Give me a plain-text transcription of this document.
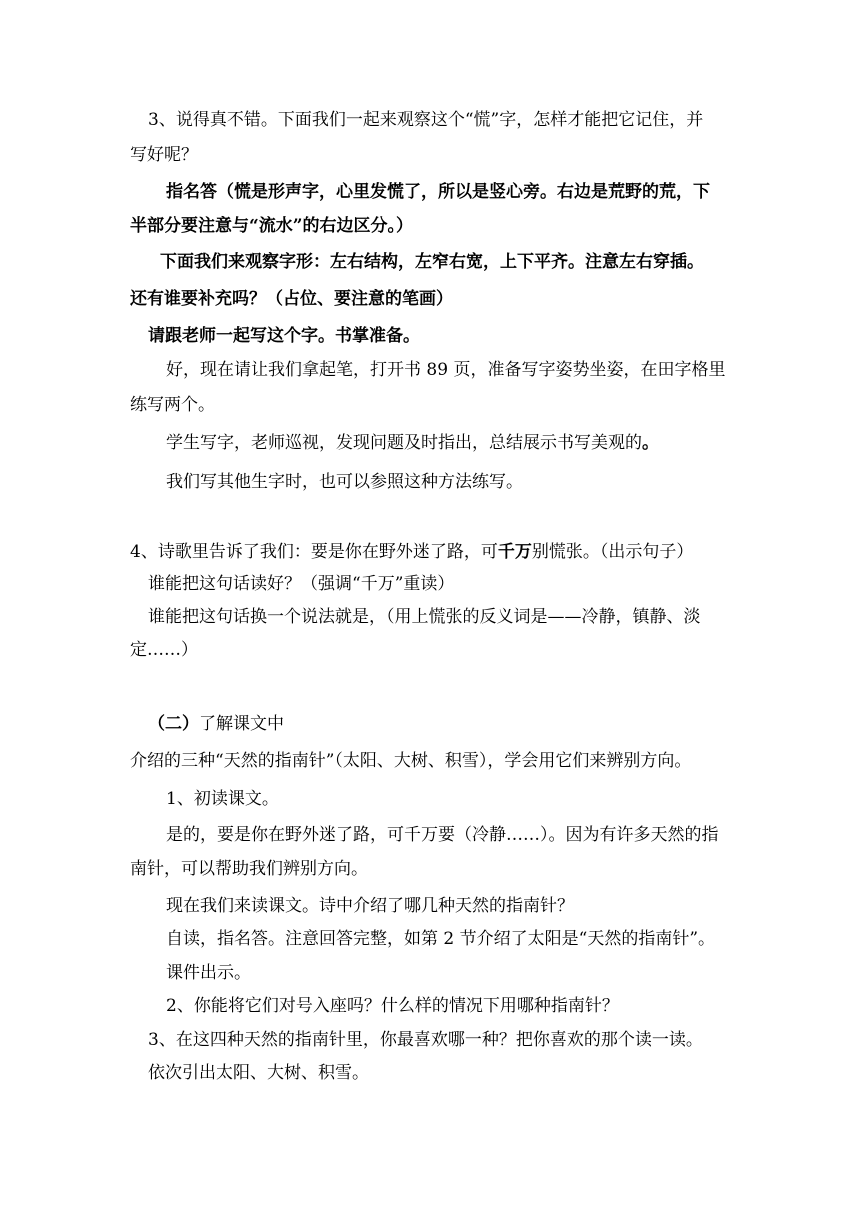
3、说得真不错。下面我们一起来观察这个“慌”字，怎样才能把它记住，并
写好呢？
指名答（慌是形声字，心里发慌了，所以是竖心旁。右边是荒野的荒，下
半部分要注意与“流水”的右边区分。）
下面我们来观察字形：左右结构，左窄右宽，上下平齐。注意左右穿插。
还有谁要补充吗？（占位、要注意的笔画）
请跟老师一起写这个字。书掌准备。
好，现在请让我们拿起笔，打开书 89 页，准备写字姿势坐姿，在田字格里
练写两个。
学生写字，老师巡视，发现问题及时指出，总结展示书写美观的。
我们写其他生字时，也可以参照这种方法练写。
4、诗歌里告诉了我们：要是你在野外迷了路，可千万别慌张。（出示句子）
谁能把这句话读好？（强调“千万”重读）
谁能把这句话换一个说法就是，（用上慌张的反义词是——冷静，镇静、淡
定……）
（二）了解课文中
介绍的三种“天然的指南针”（太阳、大树、积雪），学会用它们来辨别方向。
1、初读课文。
是的，要是你在野外迷了路，可千万要（冷静……）。因为有许多天然的指
南针，可以帮助我们辨别方向。
现在我们来读课文。诗中介绍了哪几种天然的指南针？
自读，指名答。注意回答完整，如第 2 节介绍了太阳是“天然的指南针”。
课件出示。
2、你能将它们对号入座吗？什么样的情况下用哪种指南针？
3、在这四种天然的指南针里，你最喜欢哪一种？把你喜欢的那个读一读。
依次引出太阳、大树、积雪。
